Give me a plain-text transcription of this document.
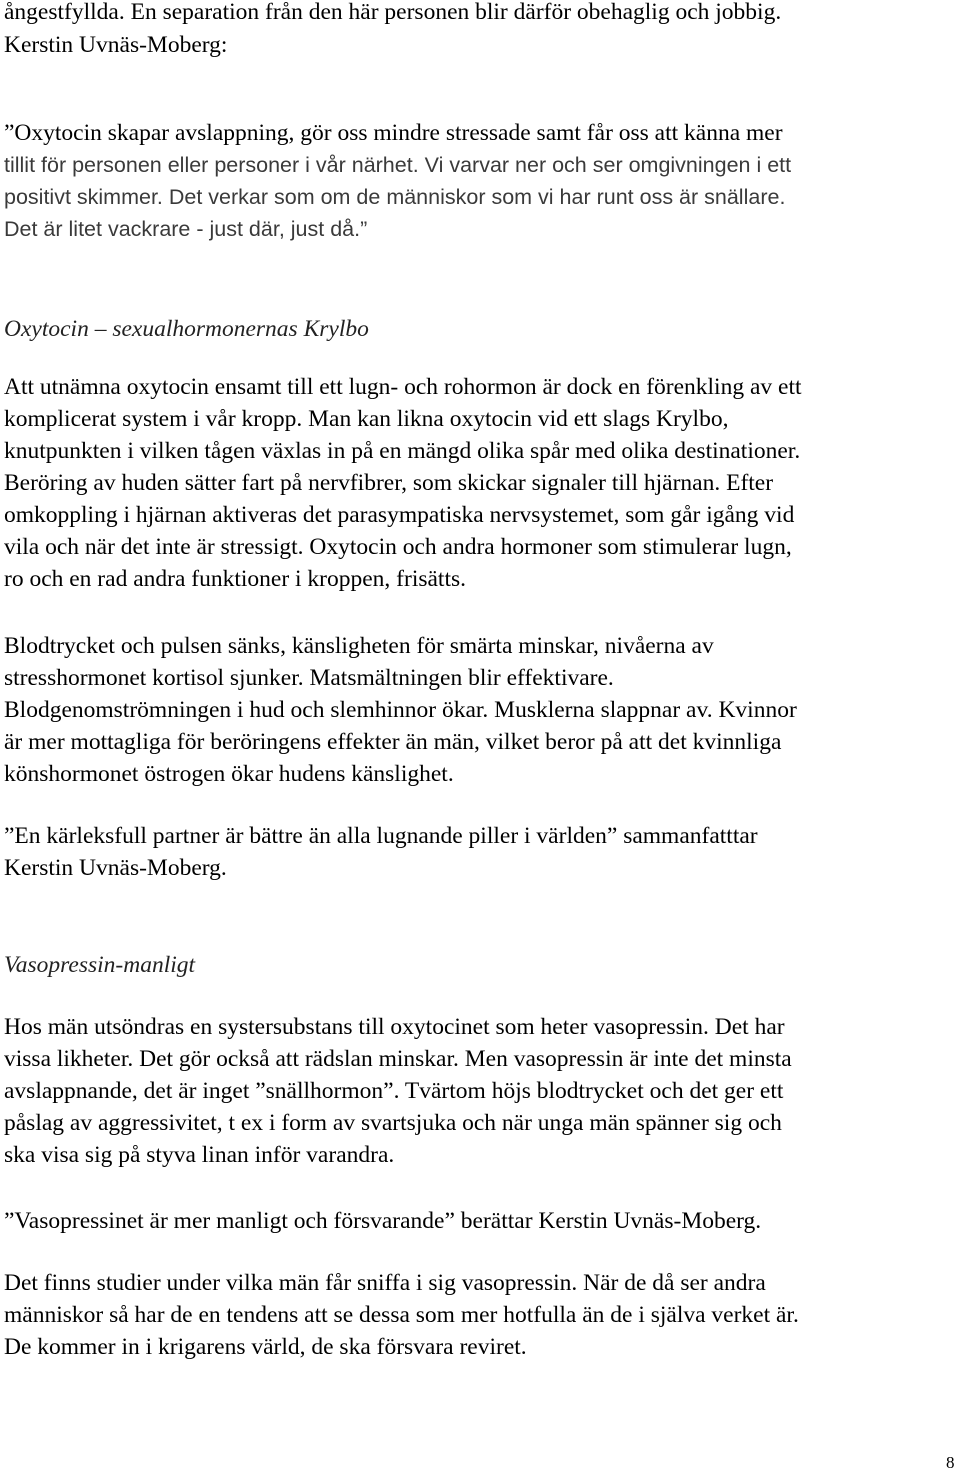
ångestfyllda. En separation från den här personen blir därför obehaglig och jobbig.

Kerstin Uvnäs-Moberg:

”Oxytocin skapar avslappning, gör oss mindre stressade samt får oss att känna mer

tillit för personen eller personer i vår närhet. Vi varvar ner och ser omgivningen i ett

positivt skimmer. Det verkar som om de människor som vi har runt oss är snällare.

Det är litet vackrare - just där, just då.”

Oxytocin – sexualhormonernas Krylbo

Att utnämna oxytocin ensamt till ett lugn- och rohormon är dock en förenkling av ett

komplicerat system i vår kropp. Man kan likna oxytocin vid ett slags Krylbo,

knutpunkten i vilken tågen växlas in på en mängd olika spår med olika destinationer.

Beröring av huden sätter fart på nervfibrer, som skickar signaler till hjärnan. Efter

omkoppling i hjärnan aktiveras det parasympatiska nervsystemet, som går igång vid

vila och när det inte är stressigt. Oxytocin och andra hormoner som stimulerar lugn,

ro och en rad andra funktioner i kroppen, frisätts.

Blodtrycket och pulsen sänks, känsligheten för smärta minskar, nivåerna av

stresshormonet kortisol sjunker. Matsmältningen blir effektivare.

Blodgenomströmningen i hud och slemhinnor ökar. Musklerna slappnar av. Kvinnor

är mer mottagliga för beröringens effekter än män, vilket beror på att det kvinnliga

könshormonet östrogen ökar hudens känslighet.

”En kärleksfull partner är bättre än alla lugnande piller i världen” sammanfatttar

Kerstin Uvnäs-Moberg.

Vasopressin-manligt

Hos män utsöndras en systersubstans till oxytocinet som heter vasopressin. Det har

vissa likheter. Det gör också att rädslan minskar. Men vasopressin är inte det minsta

avslappnande, det är inget ”snällhormon”. Tvärtom höjs blodtrycket och det ger ett

påslag av aggressivitet, t ex i form av svartsjuka och när unga män spänner sig och

ska visa sig på styva linan inför varandra.

”Vasopressinet är mer manligt och försvarande” berättar Kerstin Uvnäs-Moberg.

Det finns studier under vilka män får sniffa i sig vasopressin. När de då ser andra

människor så har de en tendens att se dessa som mer hotfulla än de i själva verket är.

De kommer in i krigarens värld, de ska försvara reviret.

8
